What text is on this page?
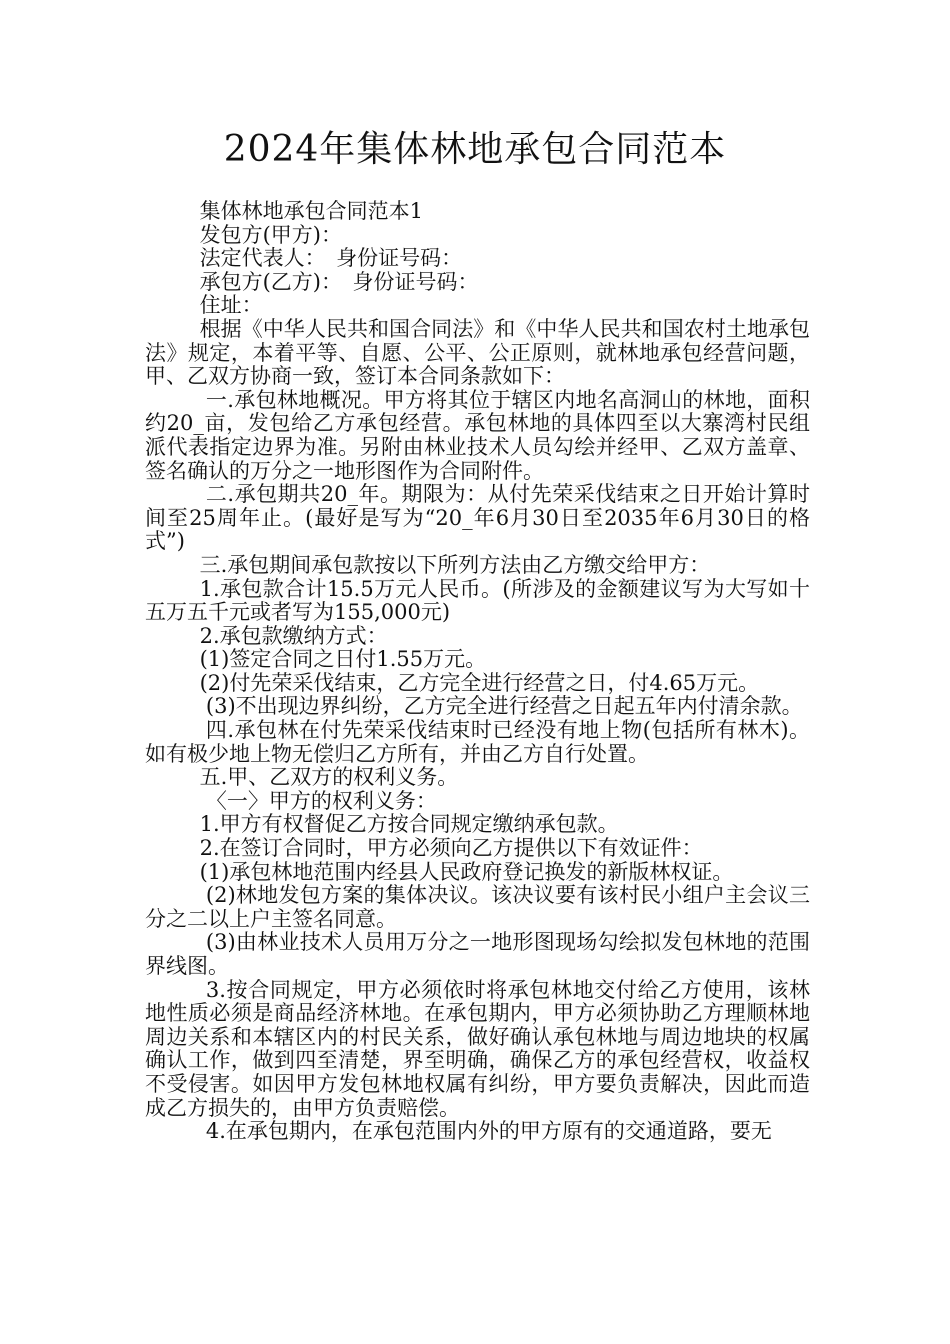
2024年集体林地承包合同范本

集体林地承包合同范本1

发包方(甲方)：

法定代表人：　身份证号码：

承包方(乙方)：　身份证号码：

住址：

根据《中华人民共和国合同法》和《中华人民共和国农村土地承包法》规定，本着平等、自愿、公平、公正原则，就林地承包经营问题，甲、乙双方协商一致，签订本合同条款如下：

一.承包林地概况。甲方将其位于辖区内地名高洞山的林地，面积约20_亩，发包给乙方承包经营。承包林地的具体四至以大寨湾村民组派代表指定边界为准。另附由林业技术人员勾绘并经甲、乙双方盖章、签名确认的万分之一地形图作为合同附件。

二.承包期共20_年。期限为：从付先荣采伐结束之日开始计算时间至25周年止。(最好是写为“20_年6月30日至2035年6月30日的格式”)

三.承包期间承包款按以下所列方法由乙方缴交给甲方：

1.承包款合计15.5万元人民币。(所涉及的金额建议写为大写如十五万五千元或者写为155,000元)

2.承包款缴纳方式：

(1)签定合同之日付1.55万元。

(2)付先荣采伐结束，乙方完全进行经营之日，付4.65万元。

(3)不出现边界纠纷，乙方完全进行经营之日起五年内付清余款。

四.承包林在付先荣采伐结束时已经没有地上物(包括所有林木)。如有极少地上物无偿归乙方所有，并由乙方自行处置。

五.甲、乙双方的权利义务。

〈一〉甲方的权利义务：

1.甲方有权督促乙方按合同规定缴纳承包款。

2.在签订合同时，甲方必须向乙方提供以下有效证件：

(1)承包林地范围内经县人民政府登记换发的新版林权证。

(2)林地发包方案的集体决议。该决议要有该村民小组户主会议三分之二以上户主签名同意。

(3)由林业技术人员用万分之一地形图现场勾绘拟发包林地的范围界线图。

3.按合同规定，甲方必须依时将承包林地交付给乙方使用，该林地性质必须是商品经济林地。在承包期内，甲方必须协助乙方理顺林地周边关系和本辖区内的村民关系，做好确认承包林地与周边地块的权属确认工作，做到四至清楚，界至明确，确保乙方的承包经营权，收益权不受侵害。如因甲方发包林地权属有纠纷，甲方要负责解决，因此而造成乙方损失的，由甲方负责赔偿。

4.在承包期内，在承包范围内外的甲方原有的交通道路，要无
